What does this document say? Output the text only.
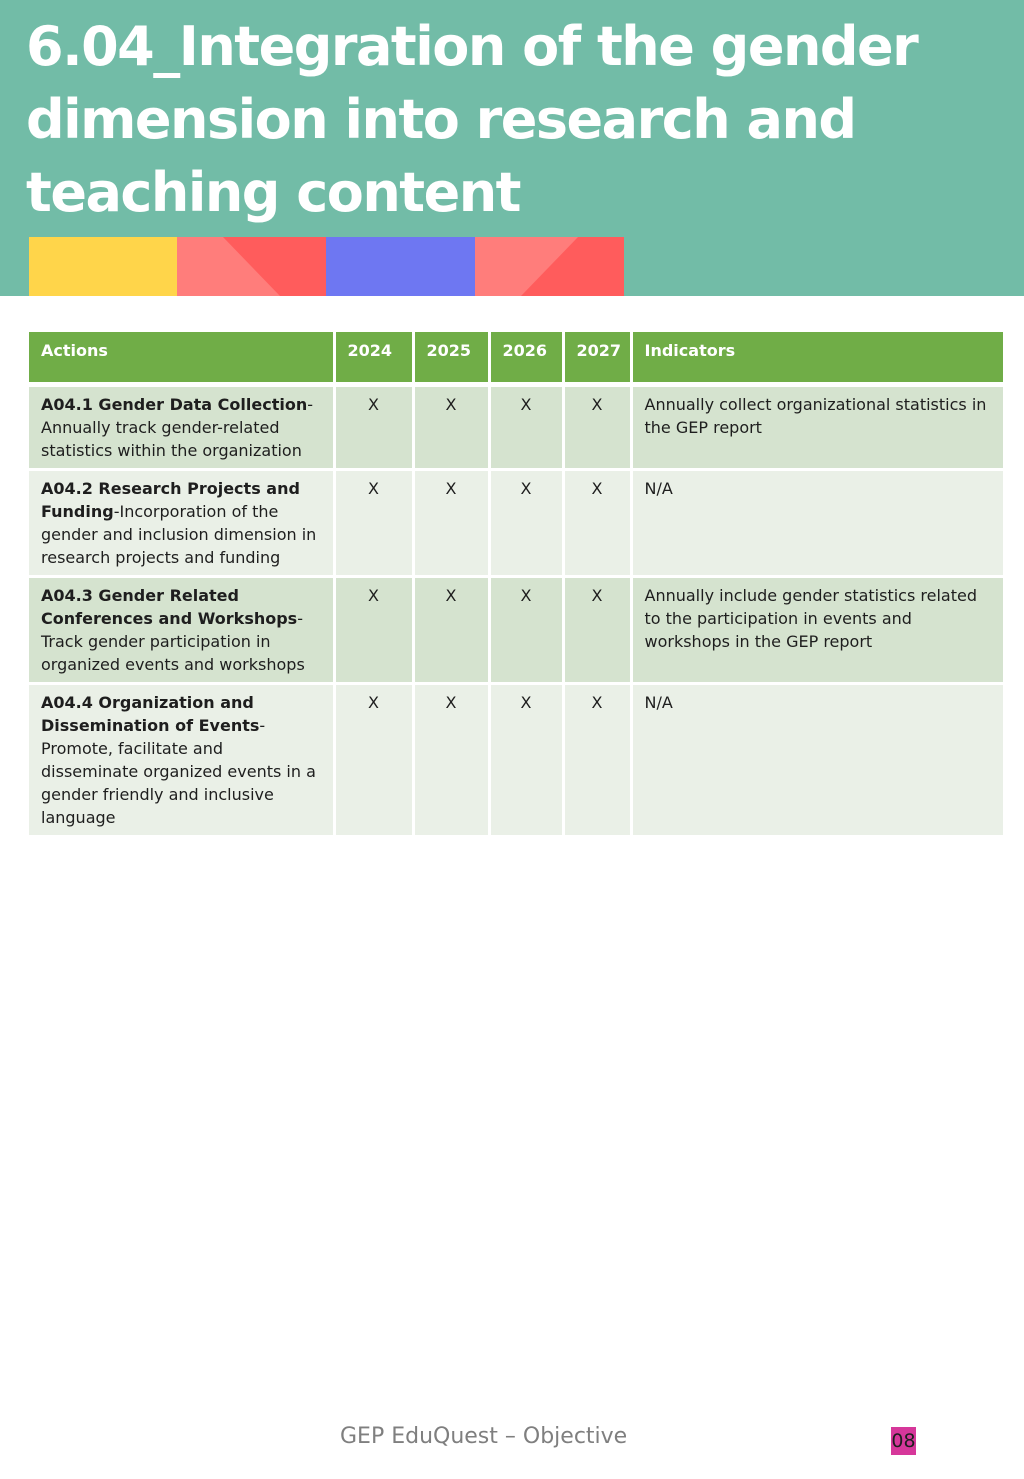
6.04_Integration of the gender dimension into research and teaching content
Actions	2024	2025	2026	2027	Indicators
A04.1 Gender Data Collection-Annually track gender-related statistics within the organization	X	X	X	X	Annually collect organizational statistics in the GEP report
A04.2 Research Projects and Funding-Incorporation of the gender and inclusion dimension in research projects and funding	X	X	X	X	N/A
A04.3 Gender Related Conferences and Workshops-Track gender participation in organized events and workshops	X	X	X	X	Annually include gender statistics related to the participation in events and workshops in the GEP report
A04.4 Organization and Dissemination of Events-Promote, facilitate and disseminate organized events in a gender friendly and inclusive language	X	X	X	X	N/A
GEP EduQuest – Objective	08
